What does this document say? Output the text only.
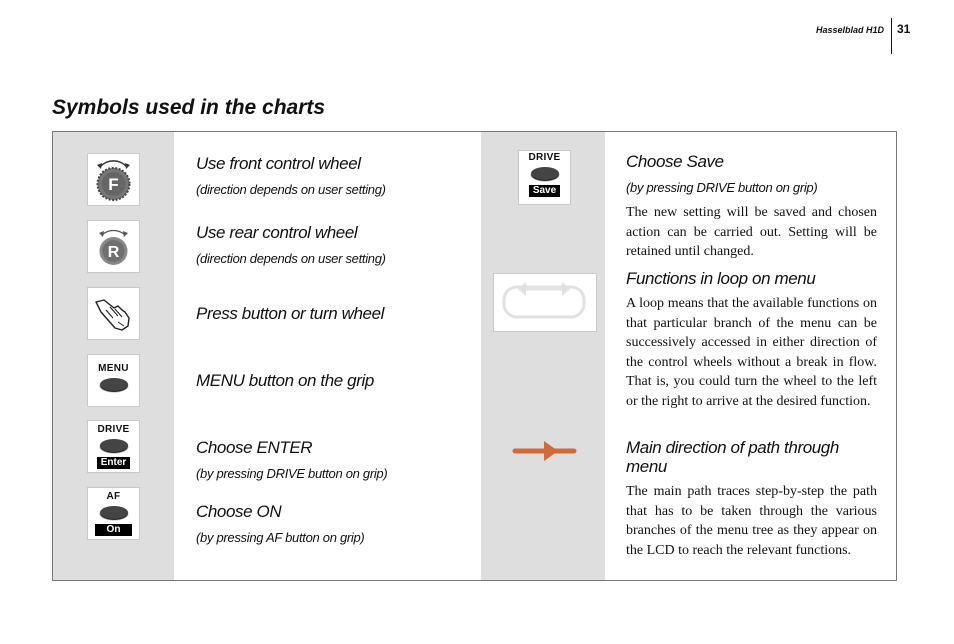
Hasselblad H1D 31
Symbols used in the charts
F
Use front control wheel
(direction depends on user setting)
R
Use rear control wheel
(direction depends on user setting)
Press button or turn wheel
MENU
MENU button on the grip
DRIVE
Enter
Choose ENTER
(by pressing DRIVE button on grip)
AF
On
Choose ON
(by pressing AF button on grip)
DRIVE
Save
Choose Save
(by pressing DRIVE button on grip)
The new setting will be saved and chosen action can be carried out. Setting will be retained until changed.
Functions in loop on menu
A loop means that the available functions on that particular branch of the menu can be successively accessed in either direction of the control wheels without a break in flow. That is, you could turn the wheel to the left or the right to arrive at the desired function.
Main direction of path through menu
The main path traces step-by-step the path that has to be taken through the various branches of the menu tree as they appear on the LCD to reach the relevant functions.
